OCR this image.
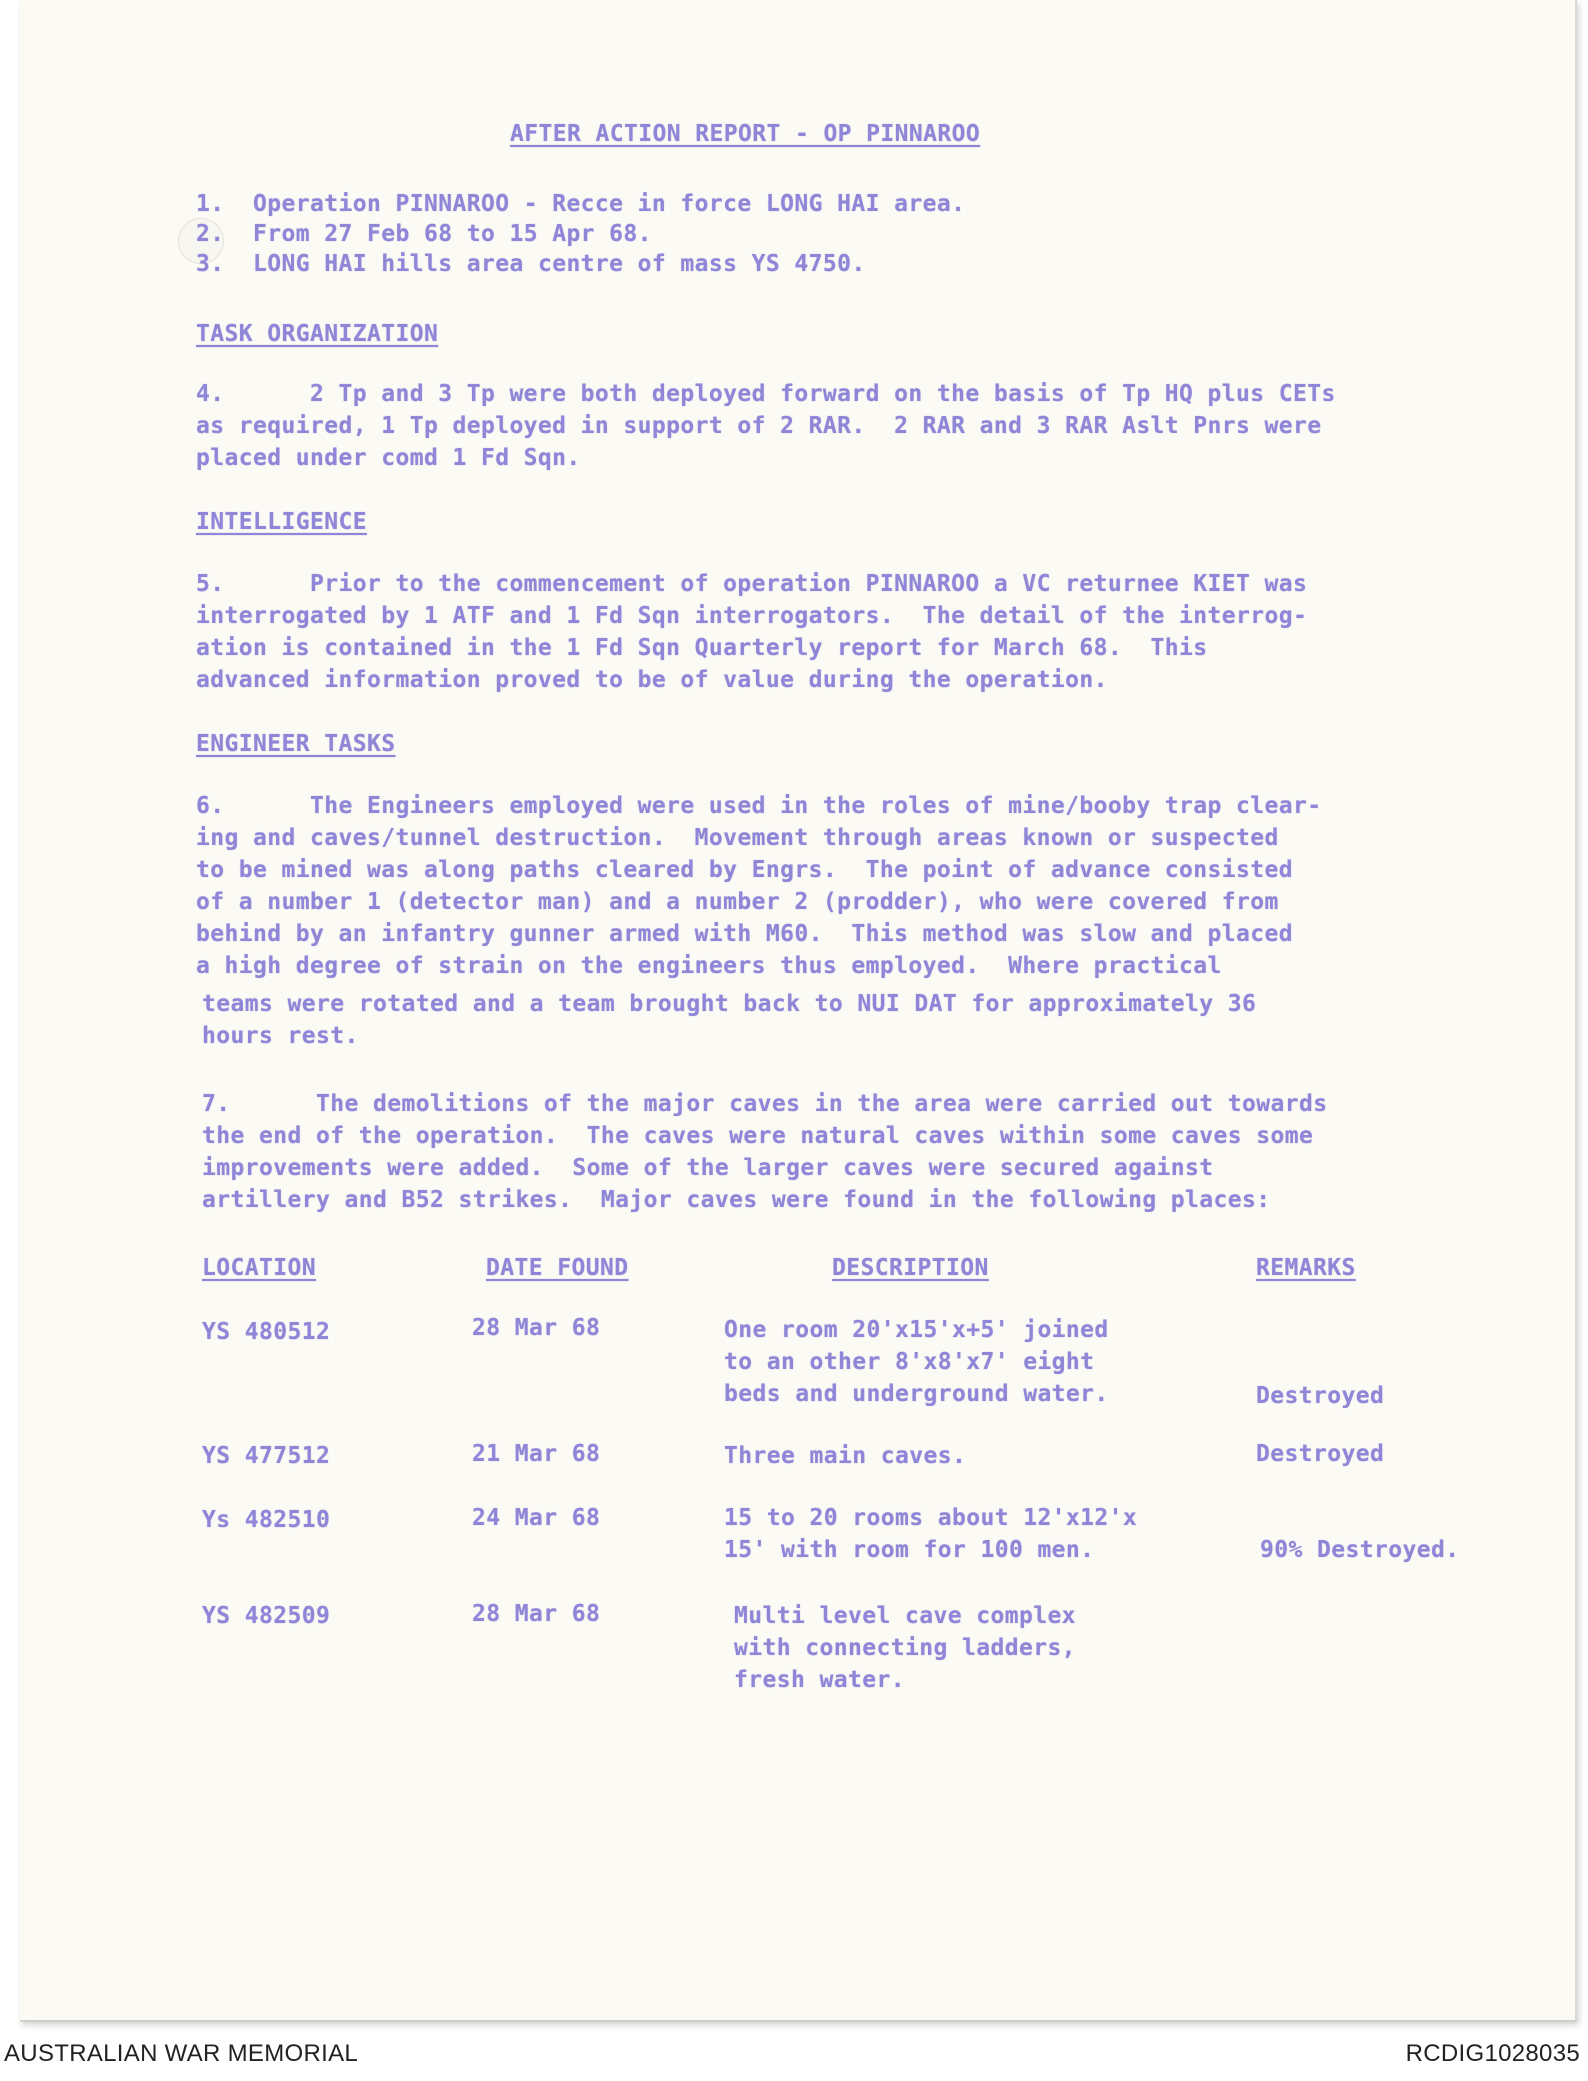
AFTER ACTION REPORT - OP PINNAROO
1. Operation PINNAROO - Recce in force LONG HAI area.
2. From 27 Feb 68 to 15 Apr 68.
3. LONG HAI hills area centre of mass YS 4750.
TASK ORGANIZATION
4.      2 Tp and 3 Tp were both deployed forward on the basis of Tp HQ plus CETs
as required, 1 Tp deployed in support of 2 RAR.  2 RAR and 3 RAR Aslt Pnrs were
placed under comd 1 Fd Sqn.
INTELLIGENCE
5.      Prior to the commencement of operation PINNAROO a VC returnee KIET was
interrogated by 1 ATF and 1 Fd Sqn interrogators.  The detail of the interrog-
ation is contained in the 1 Fd Sqn Quarterly report for March 68.  This
advanced information proved to be of value during the operation.
ENGINEER TASKS
6.      The Engineers employed were used in the roles of mine/booby trap clear-
ing and caves/tunnel destruction.  Movement through areas known or suspected
to be mined was along paths cleared by Engrs.  The point of advance consisted
of a number 1 (detector man) and a number 2 (prodder), who were covered from
behind by an infantry gunner armed with M60.  This method was slow and placed
a high degree of strain on the engineers thus employed.  Where practical
teams were rotated and a team brought back to NUI DAT for approximately 36
hours rest.
7.      The demolitions of the major caves in the area were carried out towards
the end of the operation.  The caves were natural caves within some caves some
improvements were added.  Some of the larger caves were secured against
artillery and B52 strikes.  Major caves were found in the following places:
LOCATION	DATE FOUND	DESCRIPTION	REMARKS
YS 480512	28 Mar 68	One room 20'x15'x+5' joined
to an other 8'x8'x7' eight
beds and underground water.	Destroyed
YS 477512	21 Mar 68	Three main caves.	Destroyed
Ys 482510	24 Mar 68	15 to 20 rooms about 12'x12'x
15' with room for 100 men.	90% Destroyed.
YS 482509	28 Mar 68	Multi level cave complex
with connecting ladders,
fresh water.
AUSTRALIAN WAR MEMORIAL	RCDIG1028035
